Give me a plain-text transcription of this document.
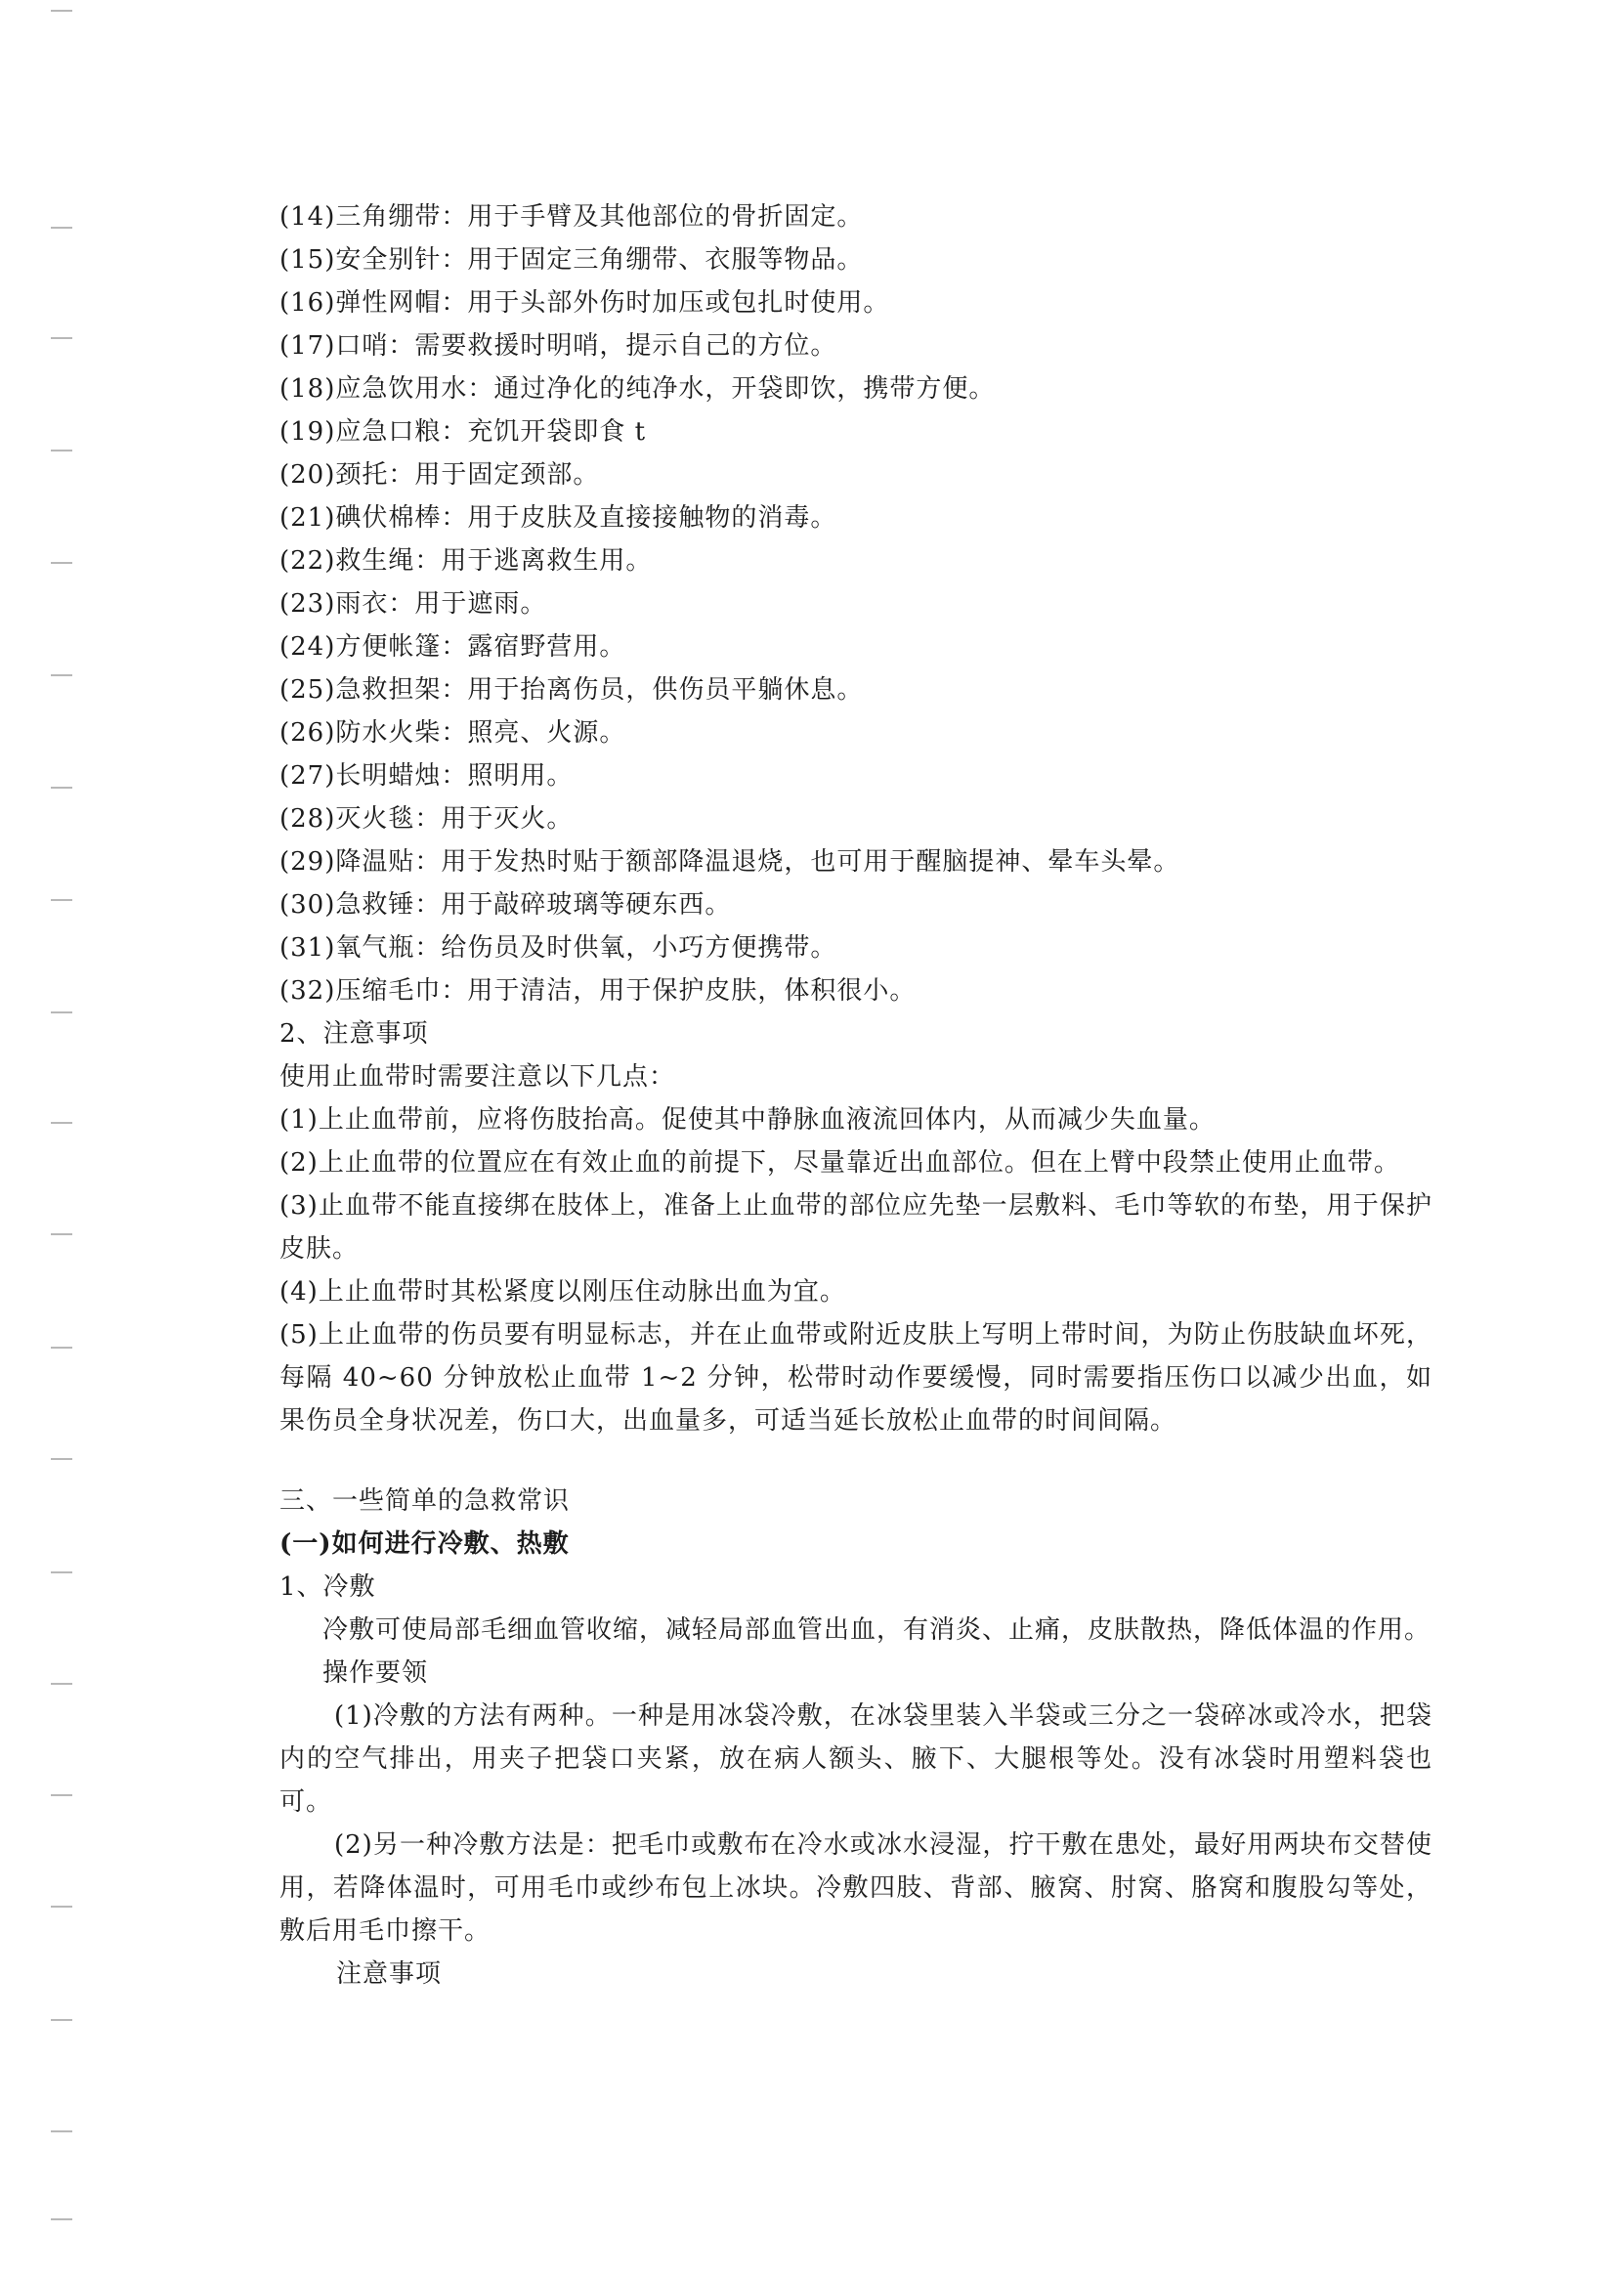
(14)三角绷带：用于手臂及其他部位的骨折固定。
(15)安全别针：用于固定三角绷带、衣服等物品。
(16)弹性网帽：用于头部外伤时加压或包扎时使用。
(17)口哨：需要救援时明哨，提示自己的方位。
(18)应急饮用水：通过净化的纯净水，开袋即饮，携带方便。
(19)应急口粮：充饥开袋即食 t
(20)颈托：用于固定颈部。
(21)碘伏棉棒：用于皮肤及直接接触物的消毒。
(22)救生绳：用于逃离救生用。
(23)雨衣：用于遮雨。
(24)方便帐篷：露宿野营用。
(25)急救担架：用于抬离伤员，供伤员平躺休息。
(26)防水火柴：照亮、火源。
(27)长明蜡烛：照明用。
(28)灭火毯：用于灭火。
(29)降温贴：用于发热时贴于额部降温退烧，也可用于醒脑提神、晕车头晕。
(30)急救锤：用于敲碎玻璃等硬东西。
(31)氧气瓶：给伤员及时供氧，小巧方便携带。
(32)压缩毛巾：用于清洁，用于保护皮肤，体积很小。
2、注意事项
使用止血带时需要注意以下几点：
(1)上止血带前，应将伤肢抬高。促使其中静脉血液流回体内，从而减少失血量。
(2)上止血带的位置应在有效止血的前提下，尽量靠近出血部位。但在上臂中段禁止使用止血带。
(3)止血带不能直接绑在肢体上，准备上止血带的部位应先垫一层敷料、毛巾等软的布垫，用于保护皮肤。
(4)上止血带时其松紧度以刚压住动脉出血为宜。
(5)上止血带的伤员要有明显标志，并在止血带或附近皮肤上写明上带时间，为防止伤肢缺血坏死，每隔 40~60 分钟放松止血带 1~2 分钟，松带时动作要缓慢，同时需要指压伤口以减少出血，如果伤员全身状况差，伤口大，出血量多，可适当延长放松止血带的时间间隔。
三、一些简单的急救常识
(一)如何进行冷敷、热敷
1、冷敷
冷敷可使局部毛细血管收缩，减轻局部血管出血，有消炎、止痛，皮肤散热，降低体温的作用。
操作要领
(1)冷敷的方法有两种。一种是用冰袋冷敷，在冰袋里装入半袋或三分之一袋碎冰或冷水，把袋内的空气排出，用夹子把袋口夹紧，放在病人额头、腋下、大腿根等处。没有冰袋时用塑料袋也可。
(2)另一种冷敷方法是：把毛巾或敷布在冷水或冰水浸湿，拧干敷在患处，最好用两块布交替使用，若降体温时，可用毛巾或纱布包上冰块。冷敷四肢、背部、腋窝、肘窝、胳窝和腹股勾等处，敷后用毛巾擦干。
注意事项
